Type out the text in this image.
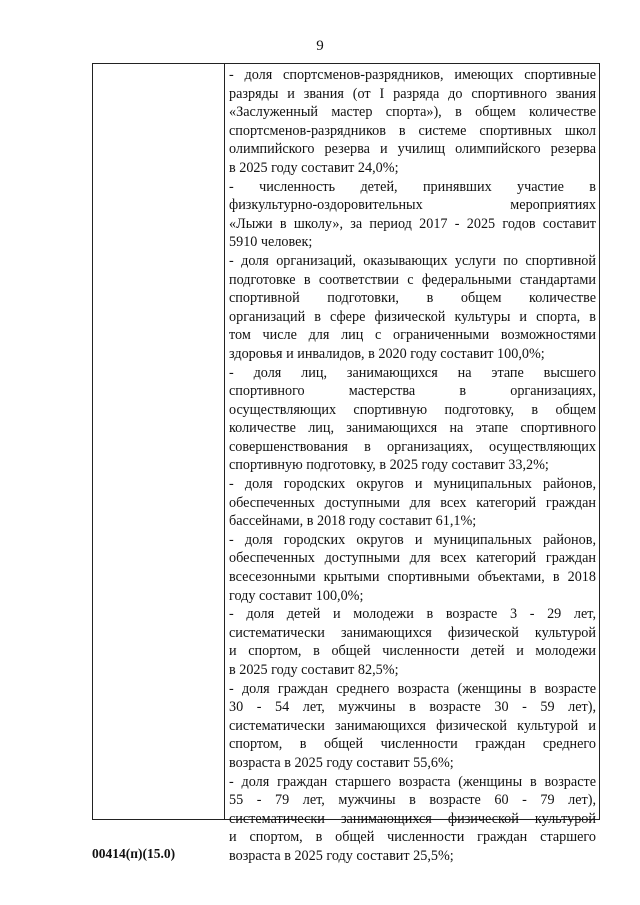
9
- доля спортсменов-разрядников, имеющих спортивные
разряды и звания (от I разряда до спортивного звания
«Заслуженный мастер спорта»), в общем количестве
спортсменов-разрядников в системе спортивных школ
олимпийского резерва и училищ олимпийского резерва
в 2025 году составит 24,0%;
- численность детей, принявших участие в
физкультурно-оздоровительных мероприятиях
«Лыжи в школу», за период 2017 - 2025 годов составит
5910 человек;
- доля организаций, оказывающих услуги по спортивной
подготовке в соответствии с федеральными стандартами
спортивной подготовки, в общем количестве
организаций в сфере физической культуры и спорта, в
том числе для лиц с ограниченными возможностями
здоровья и инвалидов, в 2020 году составит 100,0%;
- доля лиц, занимающихся на этапе высшего
спортивного мастерства в организациях,
осуществляющих спортивную подготовку, в общем
количестве лиц, занимающихся на этапе спортивного
совершенствования в организациях, осуществляющих
спортивную подготовку, в 2025 году составит 33,2%;
- доля городских округов и муниципальных районов,
обеспеченных доступными для всех категорий граждан
бассейнами, в 2018 году составит 61,1%;
- доля городских округов и муниципальных районов,
обеспеченных доступными для всех категорий граждан
всесезонными крытыми спортивными объектами, в 2018
году составит 100,0%;
- доля детей и молодежи в возрасте 3 - 29 лет,
систематически занимающихся физической культурой
и спортом, в общей численности детей и молодежи
в 2025 году составит 82,5%;
- доля граждан среднего возраста (женщины в возрасте
30 - 54 лет, мужчины в возрасте 30 - 59 лет),
систематически занимающихся физической культурой и
спортом, в общей численности граждан среднего
возраста в 2025 году составит 55,6%;
- доля граждан старшего возраста (женщины в возрасте
55 - 79 лет, мужчины в возрасте 60 - 79 лет),
систематически занимающихся физической культурой
и спортом, в общей численности граждан старшего
возраста в 2025 году составит 25,5%;
00414(п)(15.0)
